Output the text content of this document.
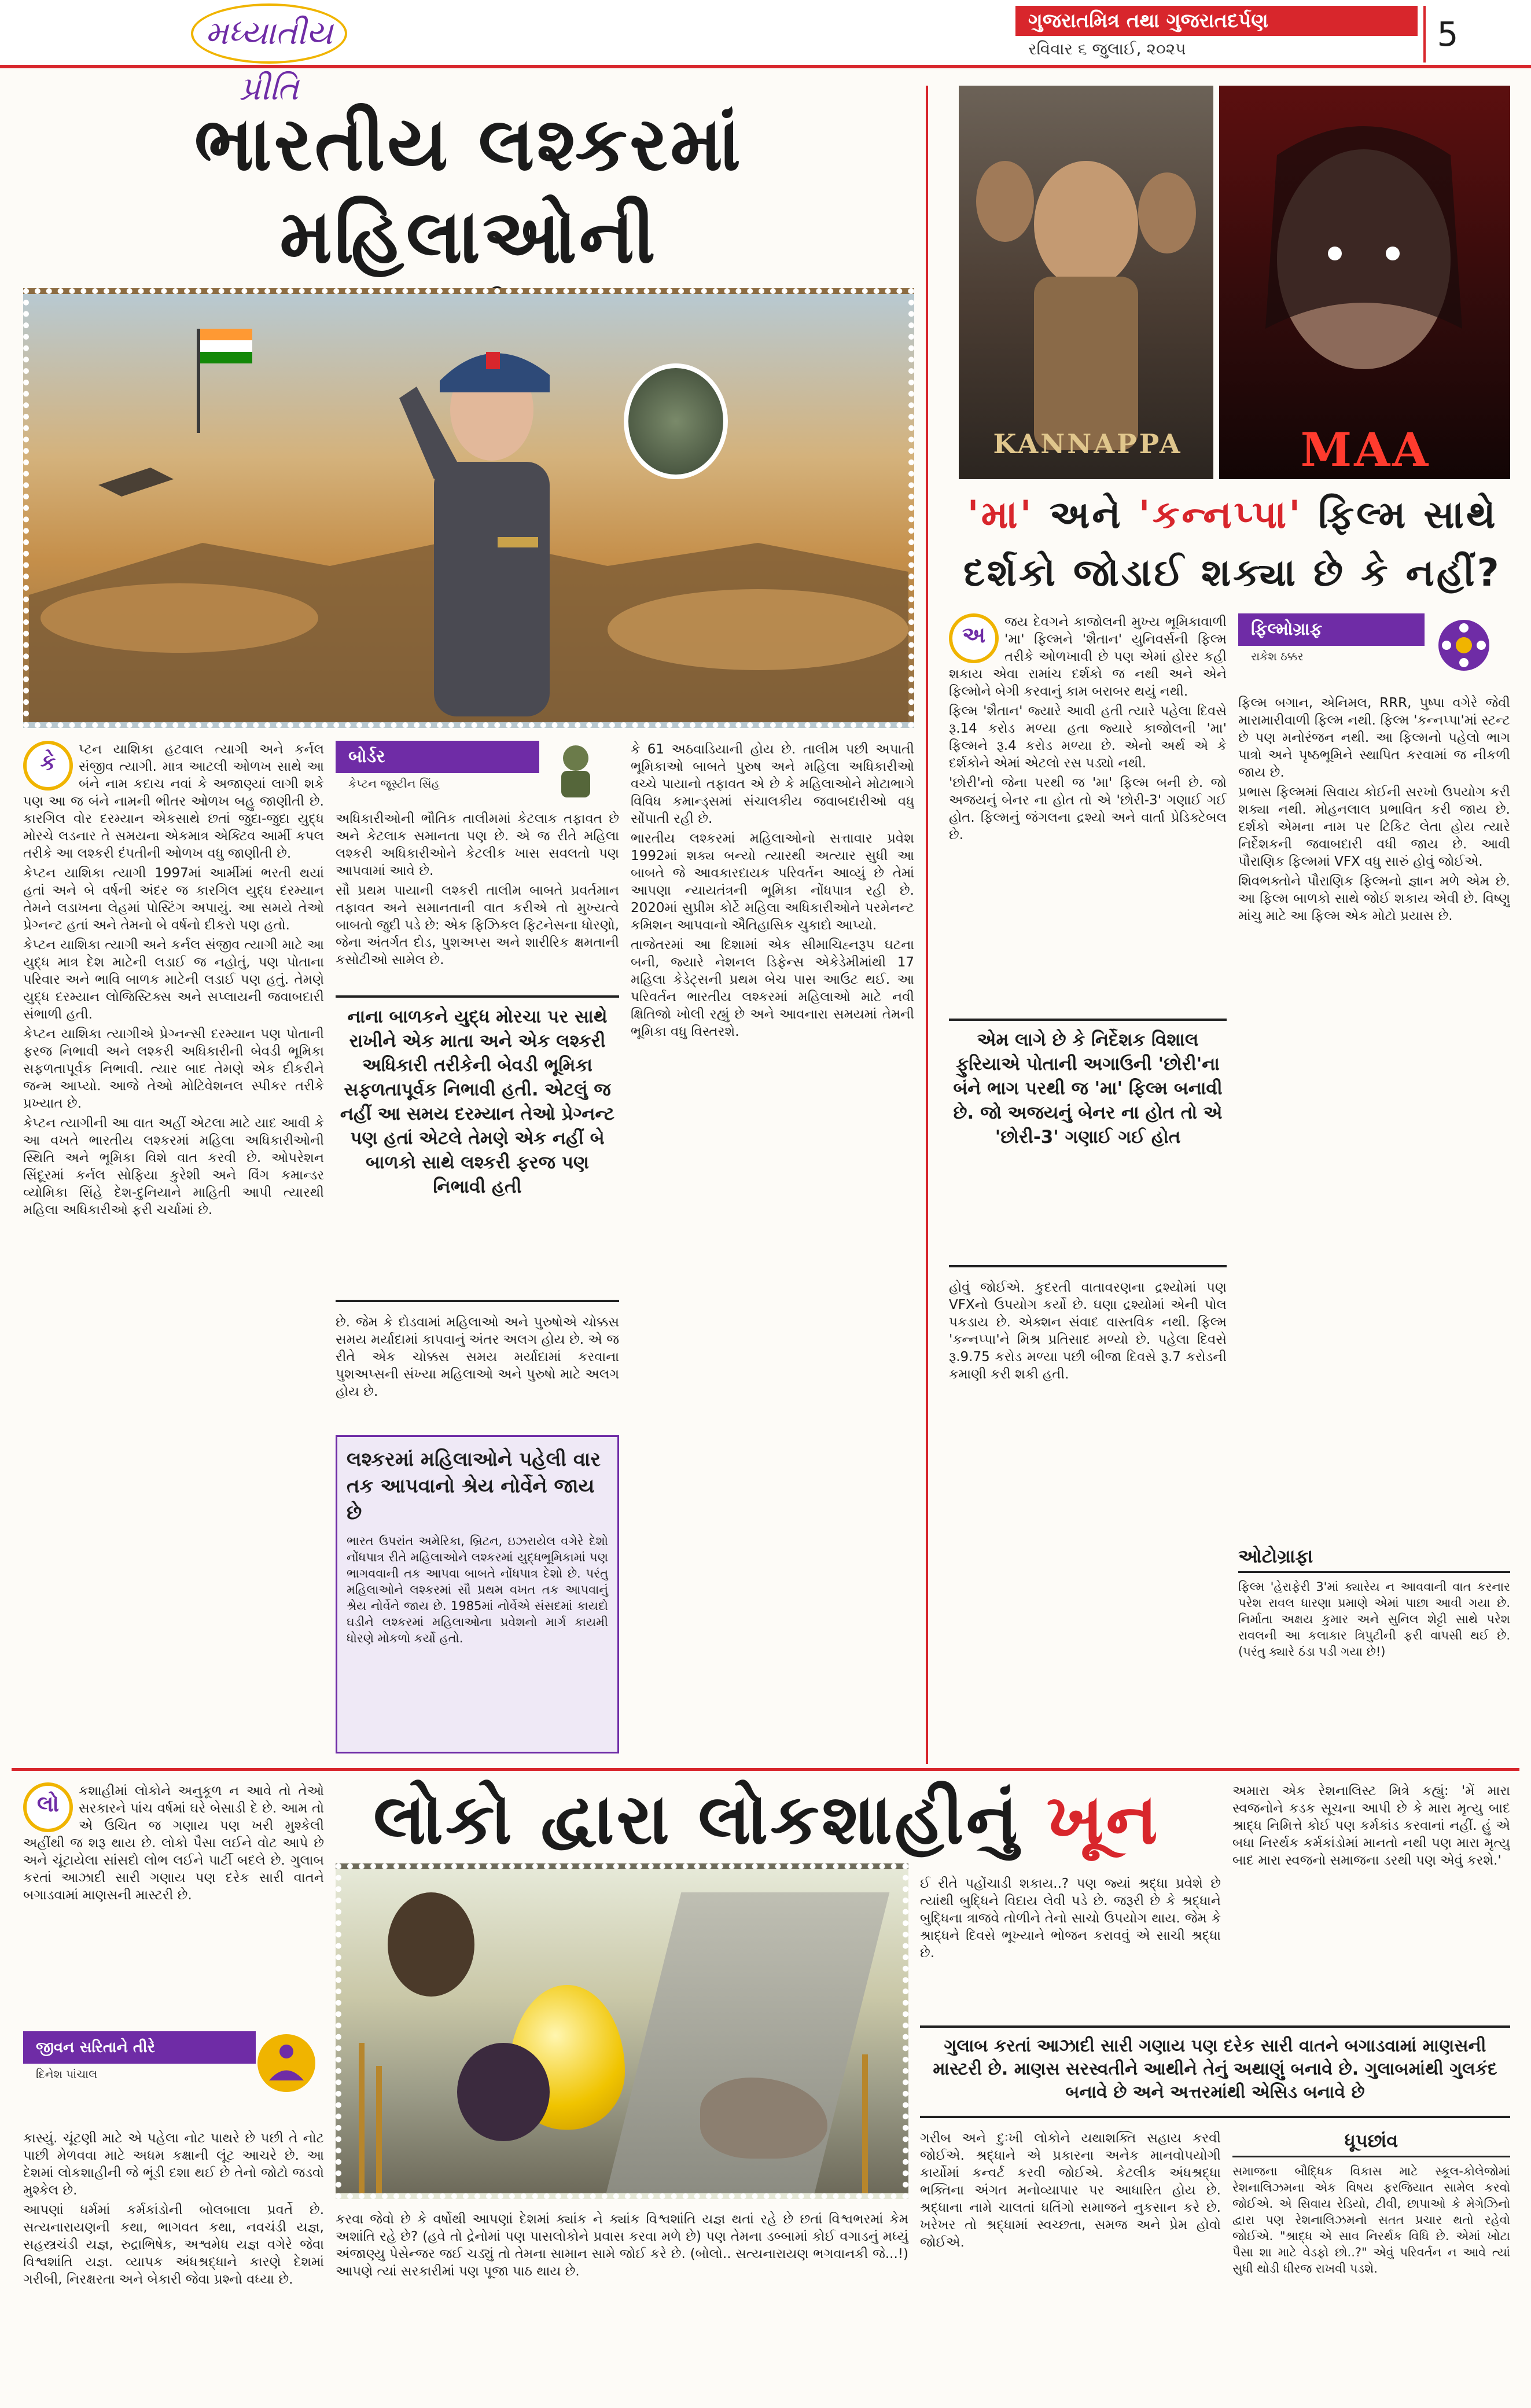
મધ્યાતીય પ્રીતિ
ગુજરાતમિત્ર તથા ગુજરાતદર્પણ
રવિવાર ૬ જુલાઈ, ૨૦૨૫	5
ભારતીય લશ્કરમાં મહિલાઓની
કે	પ્ટન યાશિકા હટવાલ ત્યાગી અને કર્નલ સંજીવ ત્યાગી. માત્ર આટલી ઓળખ સાથે આ બંને નામ કદાચ નવાં કે અજાણ્યાં લાગી શકે પણ આ જ બંને નામની ભીતર ઓળખ બહુ જાણીતી છે. કારગિલ વોર દરમ્યાન એકસાથે છતાં જુદા-જુદા યુદ્ધ મોરચે લડનાર તે સમયના એકમાત્ર એક્ટિવ આર્મી કપલ તરીકે આ લશ્કરી દંપતીની ઓળખ વધુ જાણીતી છે.

કેપ્ટન યાશિકા ત્યાગી 1997માં આર્મીમાં ભરતી થયાં હતાં અને બે વર્ષની અંદર જ કારગિલ યુદ્ધ દરમ્યાન તેમને લડાખના લેહમાં પોસ્ટિંગ અપાયું. આ સમયે તેઓ પ્રેગ્નન્ટ હતાં અને તેમનો બે વર્ષનો દીકરો પણ હતો.

કેપ્ટન યાશિકા ત્યાગી અને કર્નલ સંજીવ ત્યાગી માટે આ યુદ્ધ માત્ર દેશ માટેની લડાઈ જ નહોતું, પણ પોતાના પરિવાર અને ભાવિ બાળક માટેની લડાઈ પણ હતું. તેમણે યુદ્ધ દરમ્યાન લોજિસ્ટિક્સ અને સપ્લાયની જવાબદારી સંભાળી હતી.

કેપ્ટન યાશિકા ત્યાગીએ પ્રેગ્નન્સી દરમ્યાન પણ પોતાની ફરજ નિભાવી અને લશ્કરી અધિકારીની બેવડી ભૂમિકા સફળતાપૂર્વક નિભાવી. ત્યાર બાદ તેમણે એક દીકરીને જન્મ આપ્યો. આજે તેઓ મોટિવેશનલ સ્પીકર તરીકે પ્રખ્યાત છે.

કેપ્ટન ત્યાગીની આ વાત અહીં એટલા માટે યાદ આવી કે આ વખતે ભારતીય લશ્કરમાં મહિલા અધિકારીઓની સ્થિતિ અને ભૂમિકા વિશે વાત કરવી છે. ઓપરેશન સિંદૂરમાં કર્નલ સોફિયા કુરેશી અને વિંગ કમાન્ડર વ્યોમિકા સિંહે દેશ-દુનિયાને માહિતી આપી ત્યારથી મહિલા અધિકારીઓ ફરી ચર્ચામાં છે.

બોર્ડર
કેપ્ટન જૂસ્ટીન સિંહ

અધિકારીઓની ભૌતિક તાલીમમાં કેટલાક તફાવત છે અને કેટલાક સમાનતા પણ છે. એ જ રીતે મહિલા લશ્કરી અધિકારીઓને કેટલીક ખાસ સવલતો પણ આપવામાં આવે છે.

સૌ પ્રથમ પાયાની લશ્કરી તાલીમ બાબતે પ્રવર્તમાન તફાવત અને સમાનતાની વાત કરીએ તો મુખ્યત્વે બાબતો જુદી પડે છે: એક ફિઝિકલ ફિટનેસના ધોરણો, જેના અંતર્ગત દોડ, પુશઅપ્સ અને શારીરિક ક્ષમતાની કસોટીઓ સામેલ છે.

નાના બાળકને યુદ્ધ મોરચા પર સાથે રાખીને એક માતા અને એક લશ્કરી અધિકારી તરીકેની બેવડી ભૂમિકા સફળતાપૂર્વક નિભાવી હતી. એટલું જ નહીં આ સમય દરમ્યાન તેઓ પ્રેગ્નન્ટ પણ હતાં એટલે તેમણે એક નહીં બે બાળકો સાથે લશ્કરી ફરજ પણ નિભાવી હતી

છે. જેમ કે દોડવામાં મહિલાઓ અને પુરુષોએ ચોક્કસ સમય મર્યાદામાં કાપવાનું અંતર અલગ હોય છે. એ જ રીતે એક ચોક્કસ સમય મર્યાદામાં કરવાના પુશઅપ્સની સંખ્યા મહિલાઓ અને પુરુષો માટે અલગ હોય છે.

લશ્કરમાં મહિલાઓને પહેલી વાર તક આપવાનો શ્રેય નોર્વેને જાય છે
ભારત ઉપરાંત અમેરિકા, બ્રિટન, ઇઝરાયેલ વગેરે દેશો નોંધપાત્ર રીતે મહિલાઓને લશ્કરમાં યુદ્ધભૂમિકામાં પણ ભાગવવાની તક આપવા બાબતે નોંધપાત્ર દેશો છે. પરંતુ મહિલાઓને લશ્કરમાં સૌ પ્રથમ વખત તક આપવાનું શ્રેય નોર્વેને જાય છે. 1985માં નોર્વેએ સંસદમાં કાયદો ઘડીને લશ્કરમાં મહિલાઓના પ્રવેશનો માર્ગ કાયમી ધોરણે મોકળો કર્યો હતો.

કે 61 અઠવાડિયાની હોય છે. તાલીમ પછી અપાતી ભૂમિકાઓ બાબતે પુરુષ અને મહિલા અધિકારીઓ વચ્ચે પાયાનો તફાવત એ છે કે મહિલાઓને મોટાભાગે વિવિધ કમાન્ડ્સમાં સંચાલકીય જવાબદારીઓ વધુ સોંપાતી રહી છે.

ભારતીય લશ્કરમાં મહિલાઓનો સત્તાવાર પ્રવેશ 1992માં શક્ય બન્યો ત્યારથી અત્યાર સુધી આ બાબતે જે આવકારદાયક પરિવર્તન આવ્યું છે તેમાં આપણા ન્યાયતંત્રની ભૂમિકા નોંધપાત્ર રહી છે. 2020માં સુપ્રીમ કોર્ટે મહિલા અધિકારીઓને પરમેનન્ટ કમિશન આપવાનો ઐતિહાસિક ચુકાદો આપ્યો.

તાજેતરમાં આ દિશામાં એક સીમાચિહ્નરૂપ ઘટના બની, જ્યારે નેશનલ ડિફેન્સ એકેડેમીમાંથી 17 મહિલા કેડેટ્સની પ્રથમ બેચ પાસ આઉટ થઈ. આ પરિવર્તન ભારતીય લશ્કરમાં મહિલાઓ માટે નવી ક્ષિતિજો ખોલી રહ્યું છે અને આવનારા સમયમાં તેમની ભૂમિકા વધુ વિસ્તરશે.

KANNAPPA	MAA
'મા' અને 'કન્નપ્પા' ફિલ્મ સાથે
દર્શકો જોડાઈ શક્યા છે કે નહીં?
અ	જય દેવગને કાજોલની મુખ્ય ભૂમિકાવાળી 'મા' ફિલ્મને 'શૈતાન' યુનિવર્સની ફિલ્મ તરીકે ઓળખાવી છે પણ એમાં હોરર કહી શકાય એવા રામાંચ દર્શકો જ નથી અને એને ફિલ્મોને બેગી કરવાનું કામ બરાબર થયું નથી.

ફિલ્મ 'શૈતાન' જ્યારે આવી હતી ત્યારે પહેલા દિવસે રૂ.14 કરોડ મળ્યા હતા જ્યારે કાજોલની 'મા' ફિલ્મને રૂ.4 કરોડ મળ્યા છે. એનો અર્થ એ કે દર્શકોને એમાં એટલો રસ પડ્યો નથી.

'છોરી'નો જેના પરથી જ 'મા' ફિલ્મ બની છે. જો અજયનું બેનર ના હોત તો એ 'છોરી-3' ગણાઈ ગઈ હોત. ફિલ્મનું જંગલના દ્રશ્યો અને વાર્તા પ્રેડિક્ટેબલ છે.

એમ લાગે છે કે નિર્દેશક વિશાલ ફુરિયાએ પોતાની અગાઉની 'છોરી'ના બંને ભાગ પરથી જ 'મા' ફિલ્મ બનાવી છે. જો અજયનું બેનર ના હોત તો એ 'છોરી-3' ગણાઈ ગઈ હોત

હોવું જોઈએ. કુદરતી વાતાવરણના દ્રશ્યોમાં પણ VFXનો ઉપયોગ કર્યો છે. ઘણા દ્રશ્યોમાં એની પોલ પકડાય છે. એક્શન સંવાદ વાસ્તવિક નથી. ફિલ્મ 'કન્નપ્પા'ને મિશ્ર પ્રતિસાદ મળ્યો છે. પહેલા દિવસે રૂ.9.75 કરોડ મળ્યા પછી બીજા દિવસે રૂ.7 કરોડની કમાણી કરી શકી હતી.

ફિલ્મોગ્રાફ
રાકેશ ઠક્કર

ફિલ્મ બગાન, એનિમલ, RRR, પુષ્પા વગેરે જેવી મારામારીવાળી ફિલ્મ નથી. ફિલ્મ 'કન્નપ્પા'માં સ્ટન્ટ છે પણ મનોરંજન નથી. આ ફિલ્મનો પહેલો ભાગ પાત્રો અને પૃષ્ઠભૂમિને સ્થાપિત કરવામાં જ નીકળી જાય છે.

પ્રભાસ ફિલ્મમાં સિવાય કોઈની સરખો ઉપયોગ કરી શક્યા નથી. મોહનલાલ પ્રભાવિત કરી જાય છે. દર્શકો એમના નામ પર ટિકિટ લેતા હોય ત્યારે નિર્દેશકની જવાબદારી વધી જાય છે. આવી પૌરાણિક ફિલ્મમાં VFX વધુ સારું હોવું જોઈએ.

શિવભક્તોને પૌરાણિક ફિલ્મનો જ્ઞાન મળે એમ છે. આ ફિલ્મ બાળકો સાથે જોઈ શકાય એવી છે. વિષ્ણુ માંચુ માટે આ ફિલ્મ એક મોટો પ્રયાસ છે.

ઓટોગ્રાફ।
ફિલ્મ 'હેરાફેરી 3'માં ક્યારેય ન આવવાની વાત કરનાર પરેશ રાવલ ધારણા પ્રમાણે એમાં પાછા આવી ગયા છે. નિર્માતા અક્ષય કુમાર અને સુનિલ શેટ્ટી સાથે પરેશ રાવલની આ કલાકાર ત્રિપુટીની ફરી વાપસી થઈ છે. (પરંતુ ક્યારે ઠંડા પડી ગયા છે!)
લોકો દ્વારા લોકશાહીનું ખૂન
લો	કશાહીમાં લોકોને અનુકૂળ ન આવે તો તેઓ સરકારને પાંચ વર્ષમાં ઘરે બેસાડી દે છે. આમ તો એ ઉચિત જ ગણાય પણ ખરી મુશ્કેલી અહીંથી જ શરૂ થાય છે. લોકો પૈસા લઈને વોટ આપે છે અને ચૂંટાયેલા સાંસદો લોભ લઈને પાર્ટી બદલે છે. ગુલાબ કરતાં આઝાદી સારી ગણાય પણ દરેક સારી વાતને બગાડવામાં માણસની માસ્ટરી છે.

જીવન સરિતાને તીરે
દિનેશ પાંચાલ

કાસ્યું. ચૂંટણી માટે એ પહેલા નોટ પાથરે છે પછી તે નોટ પાછી મેળવવા માટે અધમ કક્ષાની લૂંટ આચરે છે. આ દેશમાં લોકશાહીની જે ભૂંડી દશા થઈ છે તેનો જોટો જડવો મુશ્કેલ છે.

આપણાં ધર્મમાં કર્મકાંડોની બોલબાલા પ્રવર્તે છે. સત્યનારાયણની કથા, ભાગવત કથા, નવચંડી યજ્ઞ, સહસ્ત્રચંડી યજ્ઞ, રુદ્રાભિષેક, અશ્વમેધ યજ્ઞ વગેરે જેવા વિશ્વશાંતિ યજ્ઞ. વ્યાપક અંધશ્રદ્ધાને કારણે દેશમાં ગરીબી, નિરક્ષરતા અને બેકારી જેવા પ્રશ્નો વધ્યા છે.

કરવા જેવો છે કે વર્ષોથી આપણાં દેશમાં ક્યાંક ને ક્યાંક વિશ્વશાંતિ યજ્ઞ થતાં રહે છે છતાં વિશ્વભરમાં કેમ અશાંતિ રહે છે? (હવે તો દ્રેનોમાં પણ પાસલોકોને પ્રવાસ કરવા મળે છે) પણ તેમના ડબ્બામાં કોઈ વગાડનું મધ્યું અંજાણ્યુ પેસેન્જર જઈ ચડ્યું તો તેમના સામાન સામે જોઈ કરે છે. (બોલો.. સત્યનારાયણ ભગવાનકી જે...!) આપણે ત્યાં સરકારીમાં પણ પૂજા પાઠ થાય છે.

ઈ રીતે પહોંચાડી શકાય..? પણ જ્યાં શ્રદ્ધા પ્રવેશે છે ત્યાંથી બુદ્ધિને વિદાય લેવી પડે છે. જરૂરી છે કે શ્રદ્ધાને બુદ્ધિના ત્રાજવે તોળીને તેનો સાચો ઉપયોગ થાય. જેમ કે શ્રાદ્ધને દિવસે ભૂખ્યાને ભોજન કરાવવું એ સાચી શ્રદ્ધા છે.

ગુલાબ કરતાં આઝાદી સારી ગણાય પણ દરેક સારી વાતને બગાડવામાં માણસની માસ્ટરી છે. માણસ સરસ્વતીને આથીને તેનું અથાણું બનાવે છે. ગુલાબમાંથી ગુલકંદ બનાવે છે અને અત્તરમાંથી એસિડ બનાવે છે

ગરીબ અને દુઃખી લોકોને યથાશક્તિ સહાય કરવી જોઈએ. શ્રદ્ધાને એ પ્રકારના અનેક માનવોપયોગી કાર્યોમાં કન્વર્ટ કરવી જોઈએ. કેટલીક અંધશ્રદ્ધા ભક્તિના અંગત મનોવ્યાપાર પર આધારિત હોય છે. શ્રદ્ધાના નામે ચાલતાં ધતિંગો સમાજને નુકસાન કરે છે. ખરેખર તો શ્રદ્ધામાં સ્વચ્છતા, સમજ અને પ્રેમ હોવો જોઈએ.

અમારા એક રેશનાલિસ્ટ મિત્રે કહ્યું: 'મેં મારા સ્વજનોને કડક સૂચના આપી છે કે મારા મૃત્યુ બાદ શ્રાદ્ધ નિમિત્તે કોઈ પણ કર્મકાંડ કરવાનાં નહીં. હું એ બધા નિરર્થક કર્મકાંડોમાં માનતો નથી પણ મારા મૃત્યુ બાદ મારા સ્વજનો સમાજના ડરથી પણ એવું કરશે.'

ધૂપછાંવ
સમાજના બૌદ્ધિક વિકાસ માટે સ્કૂલ-કોલેજોમાં રેશનાલિઝમના એક વિષય ફરજિયાત સામેલ કરવો જોઈએ. એ સિવાય રેડિયો, ટીવી, છાપાઓ કે મેગેઝિનો દ્વારા પણ રેશનાલિઝમનો સતત પ્રચાર થતો રહેવો જોઈએ. "શ્રાદ્ધ એ સાવ નિરર્થક વિધિ છે. એમાં ખોટા પૈસા શા માટે વેડફો છો..?" એવું પરિવર્તન ન આવે ત્યાં સુધી થોડી ધીરજ રાખવી પડશે.
